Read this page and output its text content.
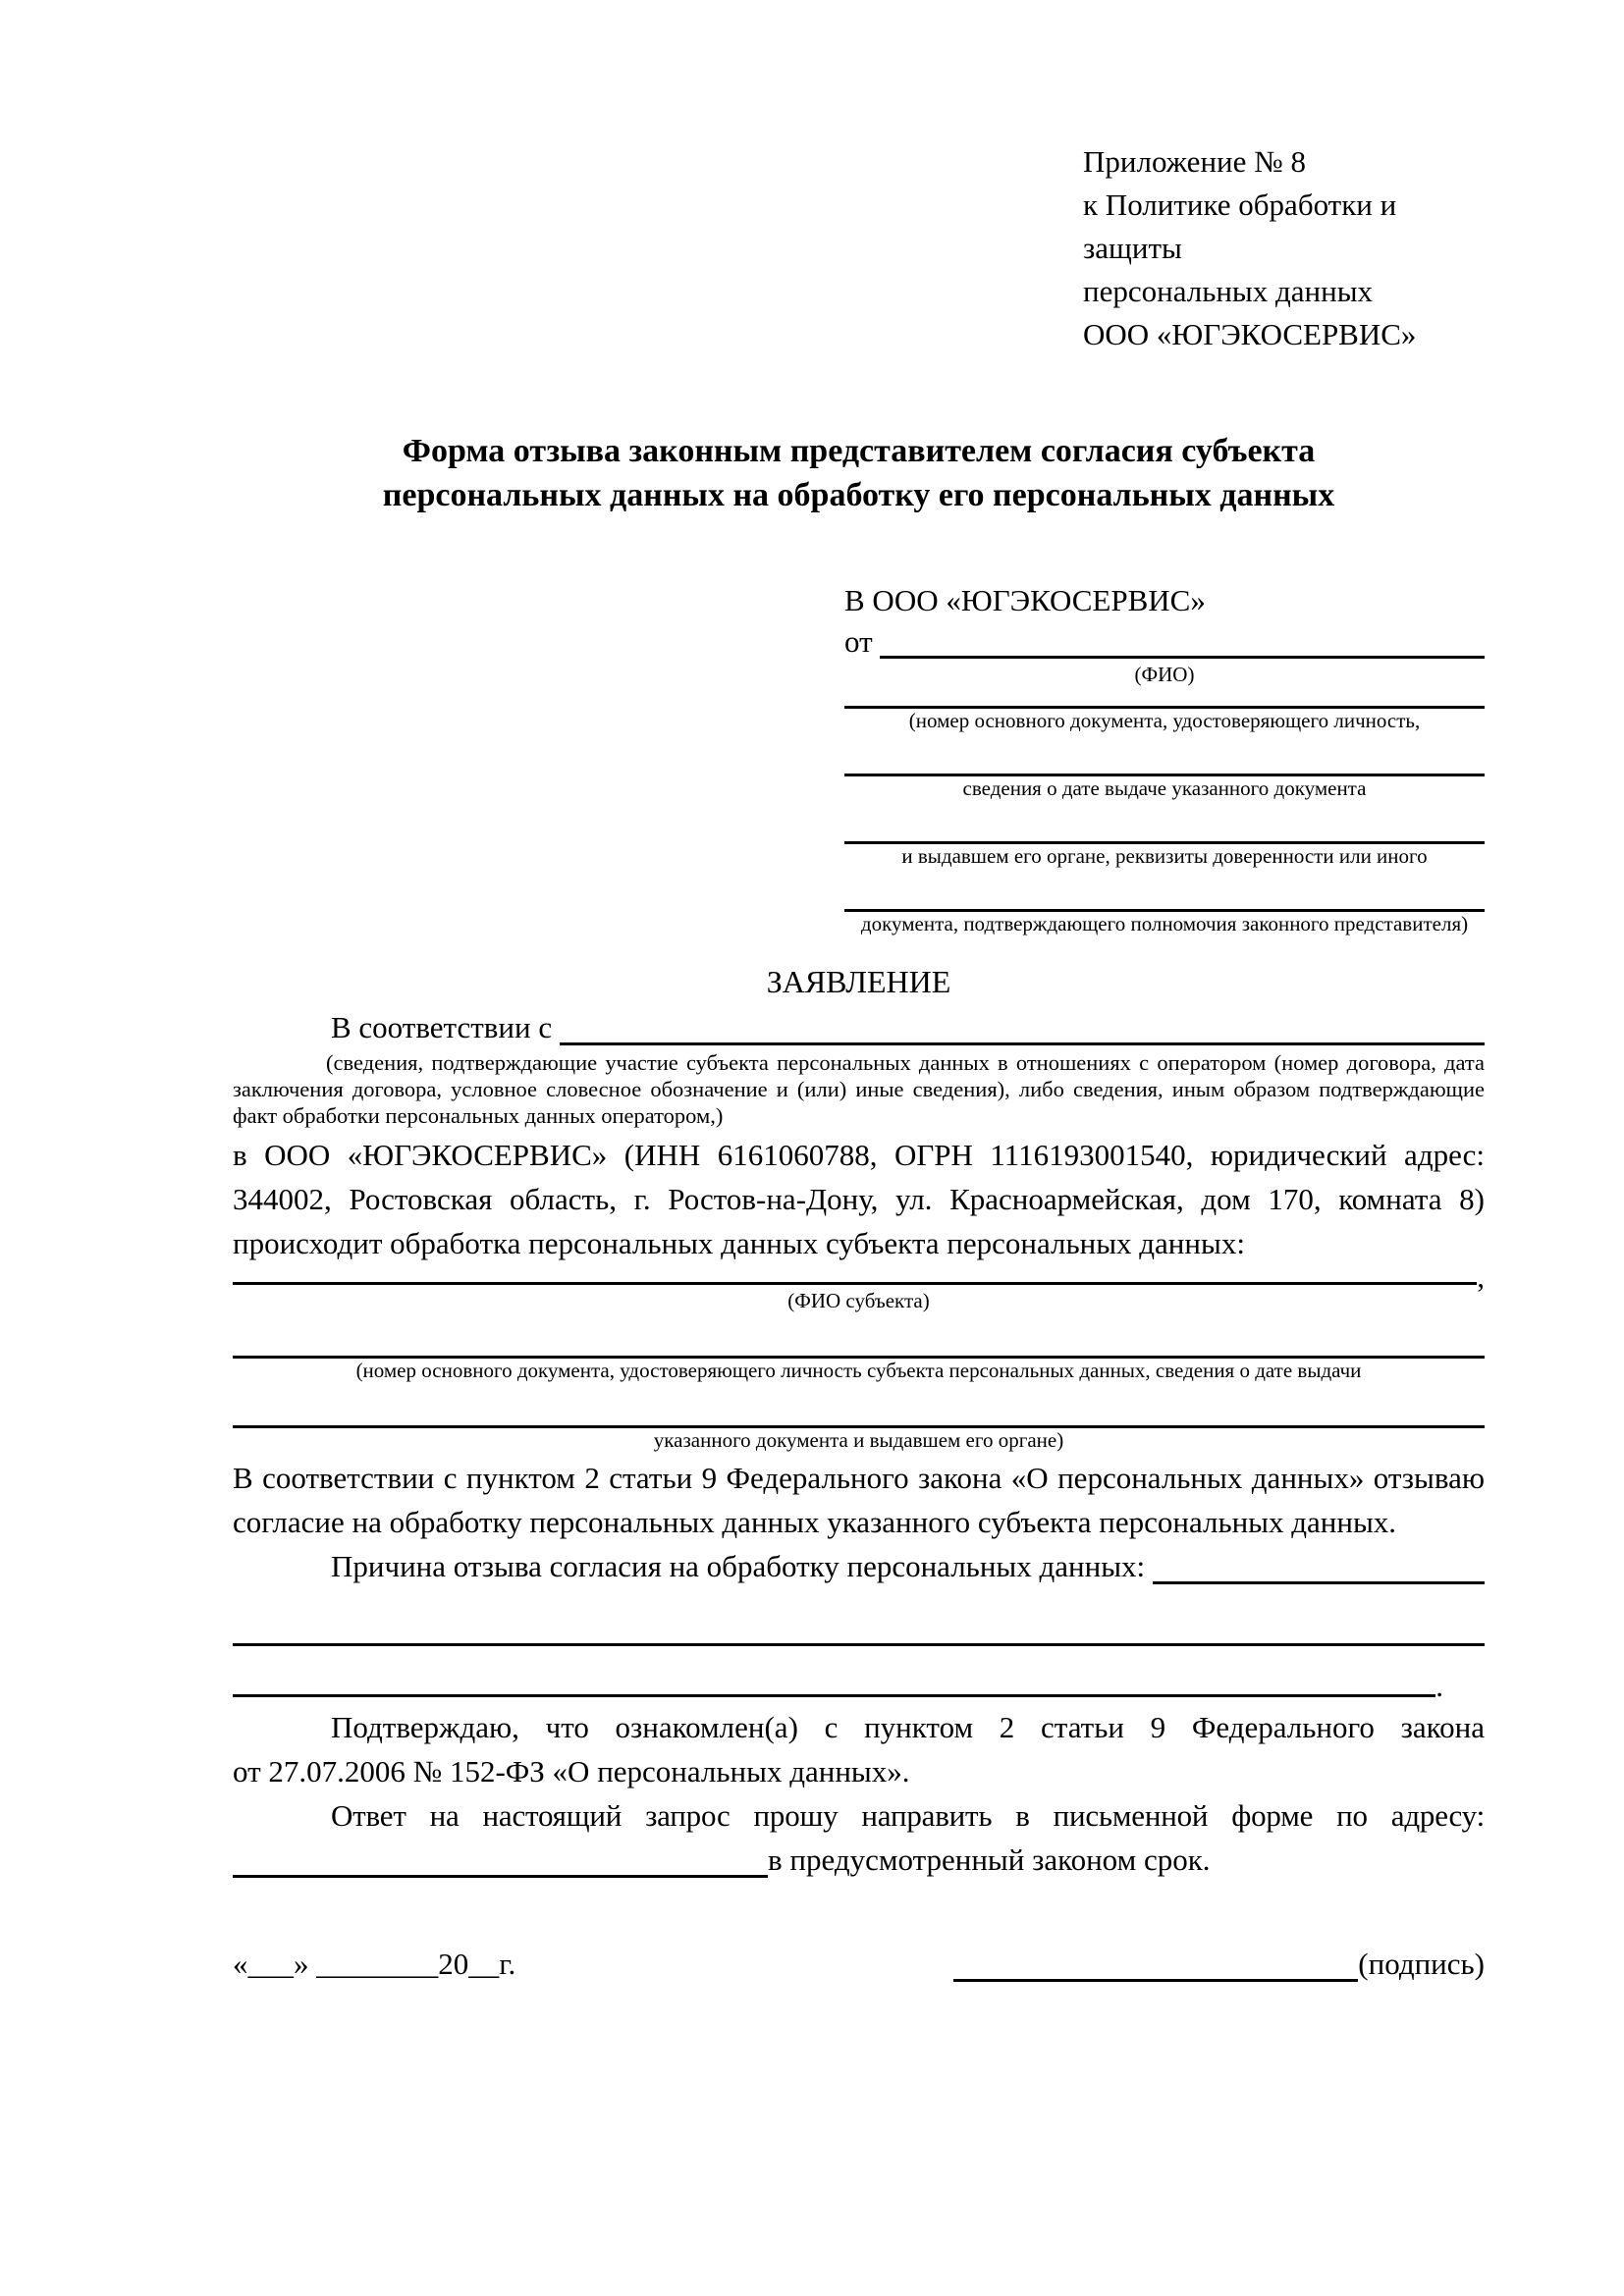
Приложение № 8
к Политике обработки и защиты
персональных данных
ООО «ЮГЭКОСЕРВИС»
Форма отзыва законным представителем согласия субъекта
персональных данных на обработку его персональных данных
В ООО «ЮГЭКОСЕРВИС»
от

(ФИО)
(номер основного документа, удостоверяющего личность,
сведения о дате выдаче указанного документа
и выдавшем его органе, реквизиты доверенности или иного
документа, подтверждающего полномочия законного представителя)
ЗАЯВЛЕНИЕ
В соответствии с

(сведения, подтверждающие участие субъекта персональных данных в отношениях с оператором (номер договора, дата заключения договора, условное словесное обозначение и (или) иные сведения), либо сведения, иным образом подтверждающие факт обработки персональных данных оператором,)
в ООО «ЮГЭКОСЕРВИС» (ИНН 6161060788, ОГРН 1116193001540, юридический адрес: 344002, Ростовская область, г. Ростов-на-Дону, ул. Красноармейская, дом 170, комната 8) происходит обработка персональных данных субъекта персональных данных:
,
(ФИО субъекта)
(номер основного документа, удостоверяющего личность субъекта персональных данных, сведения о дате выдачи
указанного документа и выдавшем его органе)
В соответствии с пунктом 2 статьи 9 Федерального закона «О персональных данных» отзываю согласие на обработку персональных данных указанного субъекта персональных данных.
Причина отзыва согласия на обработку персональных данных:

.
Подтверждаю, что ознакомлен(а) с пунктом 2 статьи 9 Федерального закона от 27.07.2006 № 152-ФЗ «О персональных данных».
Ответ на настоящий запрос прошу направить в письменной форме по адресу:
в предусмотренный законом срок.
«___» ________20__г.	(подпись)
